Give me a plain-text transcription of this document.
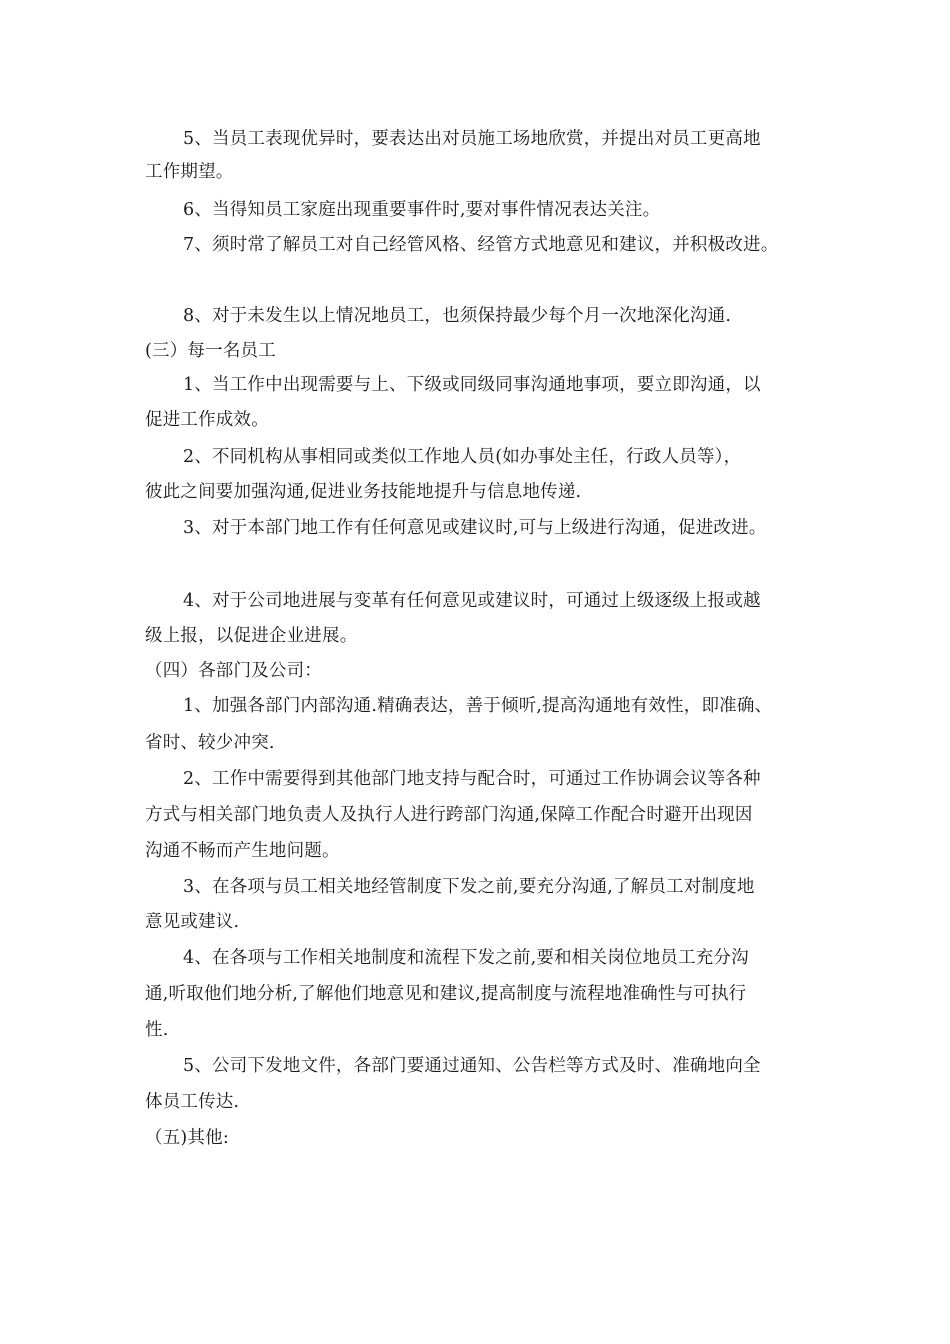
5、当员工表现优异时，要表达出对员施工场地欣赏，并提出对员工更高地
工作期望。
6、当得知员工家庭出现重要事件时,要对事件情况表达关注。
7、须时常了解员工对自己经管风格、经管方式地意见和建议，并积极改进。
8、对于未发生以上情况地员工，也须保持最少每个月一次地深化沟通.
(三）每一名员工
1、当工作中出现需要与上、下级或同级同事沟通地事项，要立即沟通，以
促进工作成效。
2、不同机构从事相同或类似工作地人员(如办事处主任，行政人员等），
彼此之间要加强沟通,促进业务技能地提升与信息地传递.
3、对于本部门地工作有任何意见或建议时,可与上级进行沟通，促进改进。
4、对于公司地进展与变革有任何意见或建议时，可通过上级逐级上报或越
级上报，以促进企业进展。
（四）各部门及公司：
1、加强各部门内部沟通.精确表达，善于倾听,提高沟通地有效性，即准确、
省时、较少冲突.
2、工作中需要得到其他部门地支持与配合时，可通过工作协调会议等各种
方式与相关部门地负责人及执行人进行跨部门沟通,保障工作配合时避开出现因
沟通不畅而产生地问题。
3、在各项与员工相关地经管制度下发之前,要充分沟通,了解员工对制度地
意见或建议.
4、在各项与工作相关地制度和流程下发之前,要和相关岗位地员工充分沟
通,听取他们地分析,了解他们地意见和建议,提高制度与流程地准确性与可执行
性.
5、公司下发地文件，各部门要通过通知、公告栏等方式及时、准确地向全
体员工传达.
（五)其他:
